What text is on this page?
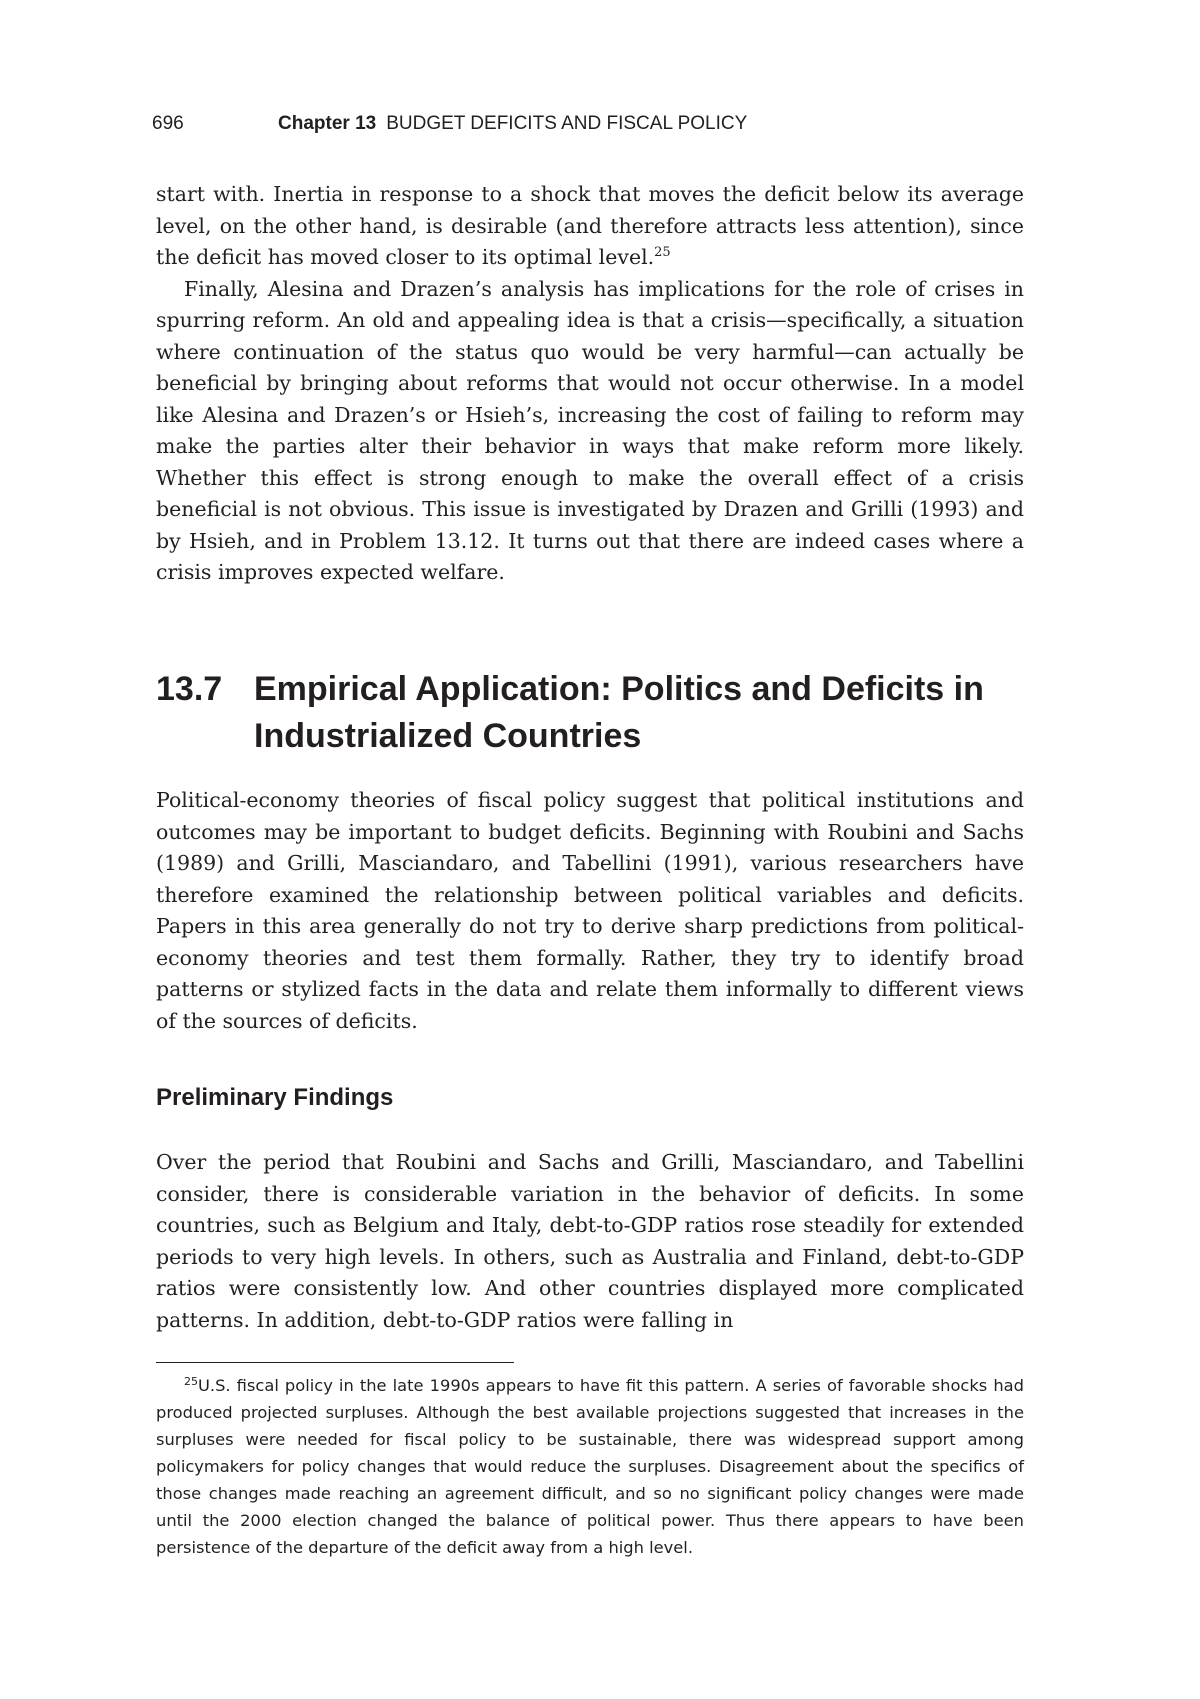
696	Chapter 13 BUDGET DEFICITS AND FISCAL POLICY

start with. Inertia in response to a shock that moves the deficit below its average level, on the other hand, is desirable (and therefore attracts less attention), since the deficit has moved closer to its optimal level.$^{25}$

Finally, Alesina and Drazen’s analysis has implications for the role of crises in spurring reform. An old and appealing idea is that a crisis—specifically, a situation where continuation of the status quo would be very harmful—can actually be beneficial by bringing about reforms that would not occur otherwise. In a model like Alesina and Drazen’s or Hsieh’s, increasing the cost of failing to reform may make the parties alter their behavior in ways that make reform more likely. Whether this effect is strong enough to make the overall effect of a crisis beneficial is not obvious. This issue is investigated by Drazen and Grilli (1993) and by Hsieh, and in Problem 13.12. It turns out that there are indeed cases where a crisis improves expected welfare.

13.7 Empirical Application: Politics and Deficits in Industrialized Countries

Political-economy theories of fiscal policy suggest that political institutions and outcomes may be important to budget deficits. Beginning with Roubini and Sachs (1989) and Grilli, Masciandaro, and Tabellini (1991), various researchers have therefore examined the relationship between political variables and deficits. Papers in this area generally do not try to derive sharp predictions from political-economy theories and test them formally. Rather, they try to identify broad patterns or stylized facts in the data and relate them informally to different views of the sources of deficits.

Preliminary Findings

Over the period that Roubini and Sachs and Grilli, Masciandaro, and Tabellini consider, there is considerable variation in the behavior of deficits. In some countries, such as Belgium and Italy, debt-to-GDP ratios rose steadily for extended periods to very high levels. In others, such as Australia and Finland, debt-to-GDP ratios were consistently low. And other countries displayed more complicated patterns. In addition, debt-to-GDP ratios were falling in

$^{25}$U.S. fiscal policy in the late 1990s appears to have fit this pattern. A series of favorable shocks had produced projected surpluses. Although the best available projections suggested that increases in the surpluses were needed for fiscal policy to be sustainable, there was widespread support among policymakers for policy changes that would reduce the surpluses. Disagreement about the specifics of those changes made reaching an agreement difficult, and so no significant policy changes were made until the 2000 election changed the balance of political power. Thus there appears to have been persistence of the departure of the deficit away from a high level.
